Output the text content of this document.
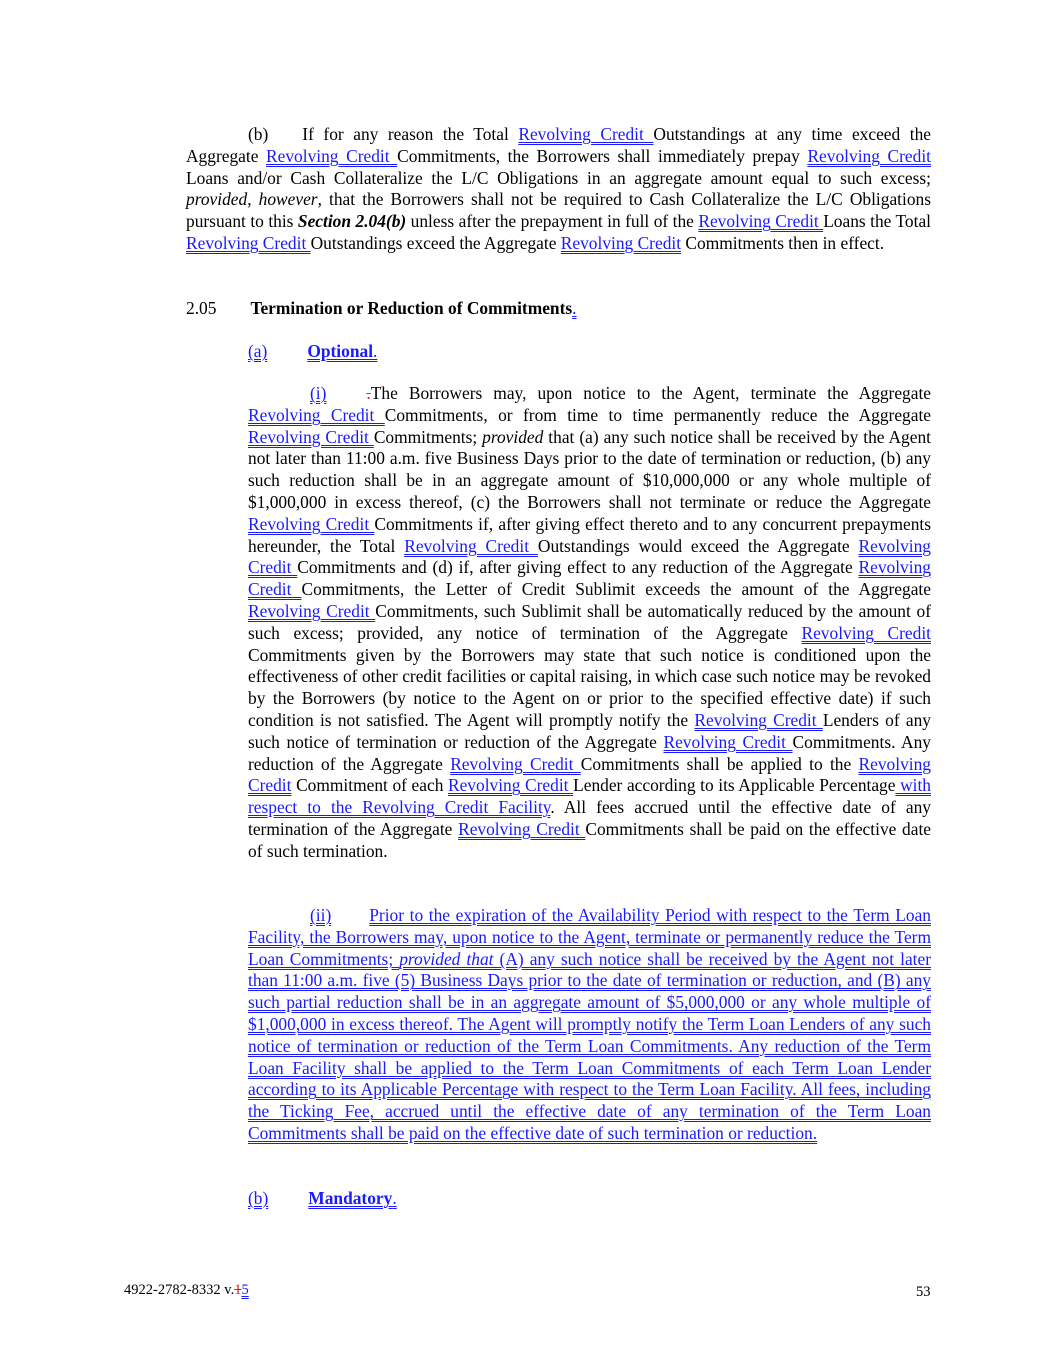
(b) If for any reason the Total Revolving Credit Outstandings at any time exceed the Aggregate Revolving Credit Commitments, the Borrowers shall immediately prepay Revolving Credit Loans and/or Cash Collateralize the L/C Obligations in an aggregate amount equal to such excess; provided, however, that the Borrowers shall not be required to Cash Collateralize the L/C Obligations pursuant to this Section 2.04(b) unless after the prepayment in full of the Revolving Credit Loans the Total Revolving Credit Outstandings exceed the Aggregate Revolving Credit Commitments then in effect.

2.05 Termination or Reduction of Commitments.

(a) Optional.

(i) .The Borrowers may, upon notice to the Agent, terminate the Aggregate Revolving Credit Commitments, or from time to time permanently reduce the Aggregate Revolving Credit Commitments; provided that (a) any such notice shall be received by the Agent not later than 11:00 a.m. five Business Days prior to the date of termination or reduction, (b) any such reduction shall be in an aggregate amount of $10,000,000 or any whole multiple of $1,000,000 in excess thereof, (c) the Borrowers shall not terminate or reduce the Aggregate Revolving Credit Commitments if, after giving effect thereto and to any concurrent prepayments hereunder, the Total Revolving Credit Outstandings would exceed the Aggregate Revolving Credit Commitments and (d) if, after giving effect to any reduction of the Aggregate Revolving Credit Commitments, the Letter of Credit Sublimit exceeds the amount of the Aggregate Revolving Credit Commitments, such Sublimit shall be automatically reduced by the amount of such excess; provided, any notice of termination of the Aggregate Revolving Credit Commitments given by the Borrowers may state that such notice is conditioned upon the effectiveness of other credit facilities or capital raising, in which case such notice may be revoked by the Borrowers (by notice to the Agent on or prior to the specified effective date) if such condition is not satisfied. The Agent will promptly notify the Revolving Credit Lenders of any such notice of termination or reduction of the Aggregate Revolving Credit Commitments. Any reduction of the Aggregate Revolving Credit Commitments shall be applied to the Revolving Credit Commitment of each Revolving Credit Lender according to its Applicable Percentage with respect to the Revolving Credit Facility. All fees accrued until the effective date of any termination of the Aggregate Revolving Credit Commitments shall be paid on the effective date of such termination.

(ii) Prior to the expiration of the Availability Period with respect to the Term Loan Facility, the Borrowers may, upon notice to the Agent, terminate or permanently reduce the Term Loan Commitments; provided that (A) any such notice shall be received by the Agent not later than 11:00 a.m. five (5) Business Days prior to the date of termination or reduction, and (B) any such partial reduction shall be in an aggregate amount of $5,000,000 or any whole multiple of $1,000,000 in excess thereof. The Agent will promptly notify the Term Loan Lenders of any such notice of termination or reduction of the Term Loan Commitments. Any reduction of the Term Loan Facility shall be applied to the Term Loan Commitments of each Term Loan Lender according to its Applicable Percentage with respect to the Term Loan Facility. All fees, including the Ticking Fee, accrued until the effective date of any termination of the Term Loan Commitments shall be paid on the effective date of such termination or reduction.

(b) Mandatory.

4922-2782-8332 v.15	53
